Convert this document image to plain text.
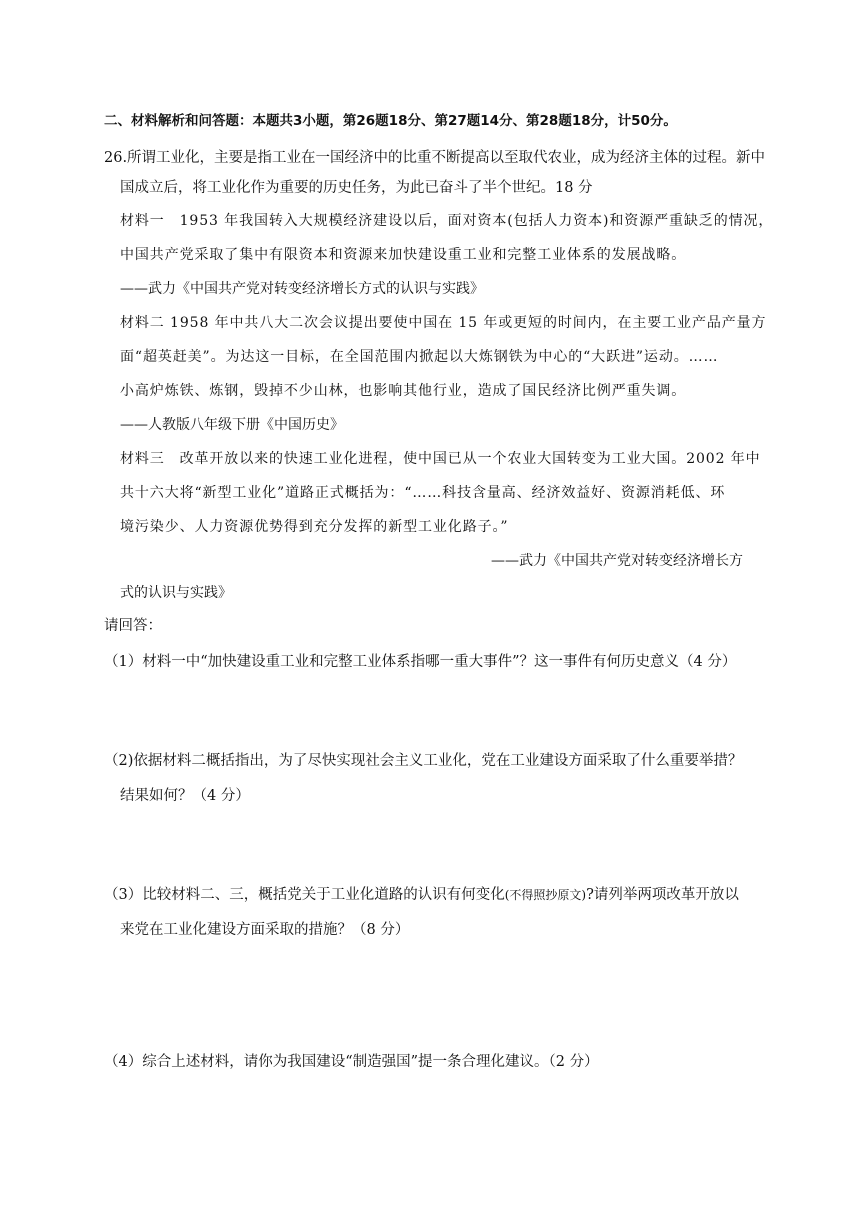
二、材料解析和问答题：本题共3小题，第26题18分、第27题14分、第28题18分，计50分。
26.所谓工业化，主要是指工业在一国经济中的比重不断提高以至取代农业，成为经济主体的过程。新中
国成立后，将工业化作为重要的历史任务，为此已奋斗了半个世纪。18 分
材料一　1953 年我国转入大规模经济建设以后，面对资本(包括人力资本)和资源严重缺乏的情况，
中国共产党采取了集中有限资本和资源来加快建设重工业和完整工业体系的发展战略。
——武力《中国共产党对转变经济增长方式的认识与实践》
材料二 1958 年中共八大二次会议提出要使中国在 15 年或更短的时间内，在主要工业产品产量方
面“超英赶美”。为达这一目标，在全国范围内掀起以大炼钢铁为中心的“大跃进”运动。……
小高炉炼铁、炼钢，毁掉不少山林，也影响其他行业，造成了国民经济比例严重失调。
——人教版八年级下册《中国历史》
材料三　改革开放以来的快速工业化进程，使中国已从一个农业大国转变为工业大国。2002 年中
共十六大将“新型工业化”道路正式概括为：“……科技含量高、经济效益好、资源消耗低、环
境污染少、人力资源优势得到充分发挥的新型工业化路子。”
——武力《中国共产党对转变经济增长方
式的认识与实践》
请回答：
（1）材料一中“加快建设重工业和完整工业体系指哪一重大事件”？这一事件有何历史意义（4 分）
（2)依据材料二概括指出，为了尽快实现社会主义工业化，党在工业建设方面采取了什么重要举措？
结果如何？（4 分）
（3）比较材料二、三，概括党关于工业化道路的认识有何变化(不得照抄原文)?请列举两项改革开放以
来党在工业化建设方面采取的措施？（8 分）
（4）综合上述材料，请你为我国建设“制造强国”提一条合理化建议。（2 分）
